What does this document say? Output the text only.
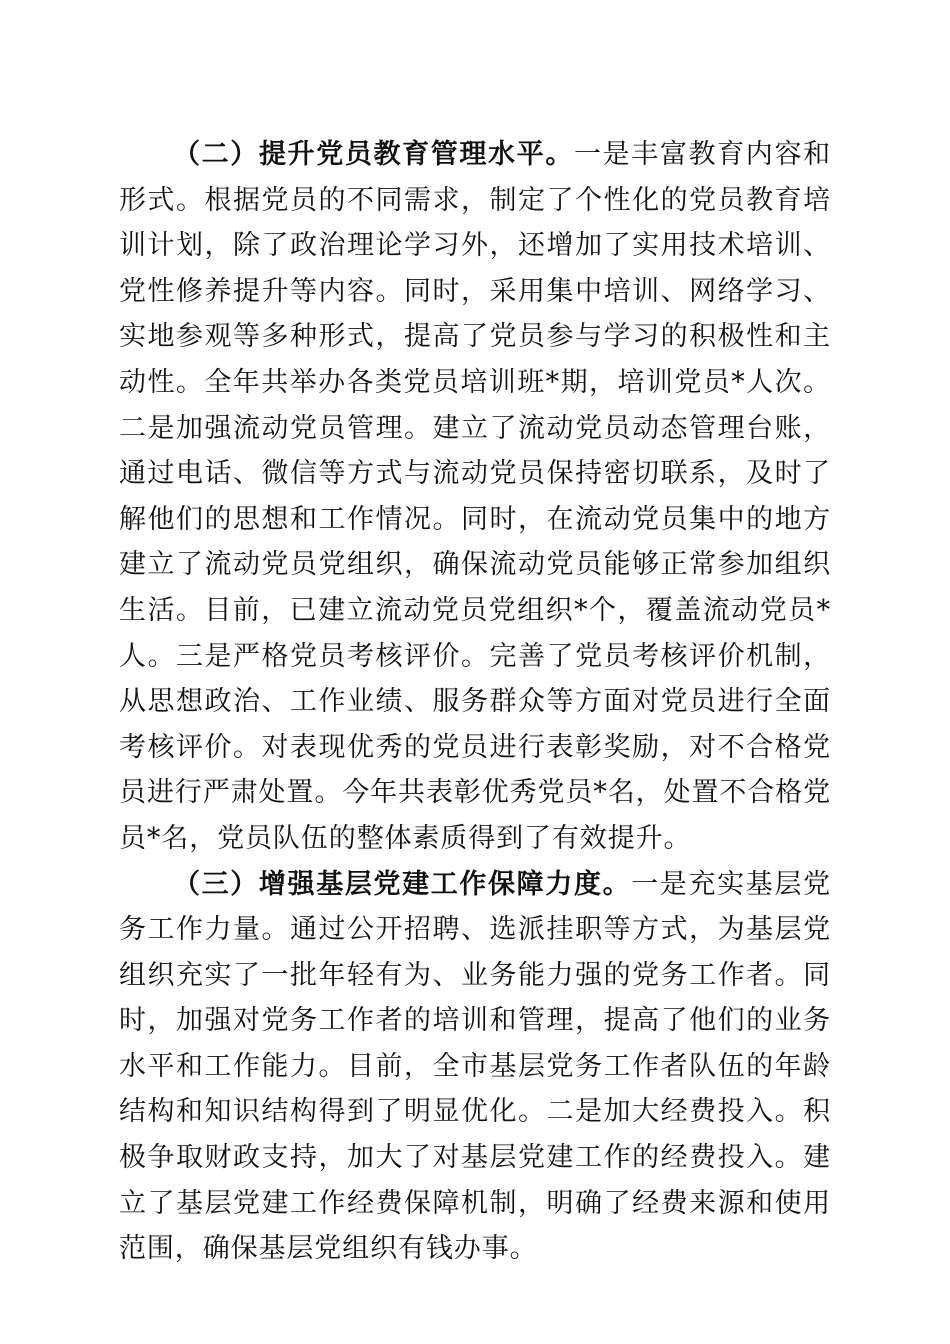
（二）提升党员教育管理水平。一是丰富教育内容和形式。根据党员的不同需求，制定了个性化的党员教育培训计划，除了政治理论学习外，还增加了实用技术培训、党性修养提升等内容。同时，采用集中培训、网络学习、实地参观等多种形式，提高了党员参与学习的积极性和主动性。全年共举办各类党员培训班*期，培训党员*人次。二是加强流动党员管理。建立了流动党员动态管理台账，通过电话、微信等方式与流动党员保持密切联系，及时了解他们的思想和工作情况。同时，在流动党员集中的地方建立了流动党员党组织，确保流动党员能够正常参加组织生活。目前，已建立流动党员党组织*个，覆盖流动党员*人。三是严格党员考核评价。完善了党员考核评价机制，从思想政治、工作业绩、服务群众等方面对党员进行全面考核评价。对表现优秀的党员进行表彰奖励，对不合格党员进行严肃处置。今年共表彰优秀党员*名，处置不合格党员*名，党员队伍的整体素质得到了有效提升。

（三）增强基层党建工作保障力度。一是充实基层党务工作力量。通过公开招聘、选派挂职等方式，为基层党组织充实了一批年轻有为、业务能力强的党务工作者。同时，加强对党务工作者的培训和管理，提高了他们的业务水平和工作能力。目前，全市基层党务工作者队伍的年龄结构和知识结构得到了明显优化。二是加大经费投入。积极争取财政支持，加大了对基层党建工作的经费投入。建立了基层党建工作经费保障机制，明确了经费来源和使用范围，确保基层党组织有钱办事。
